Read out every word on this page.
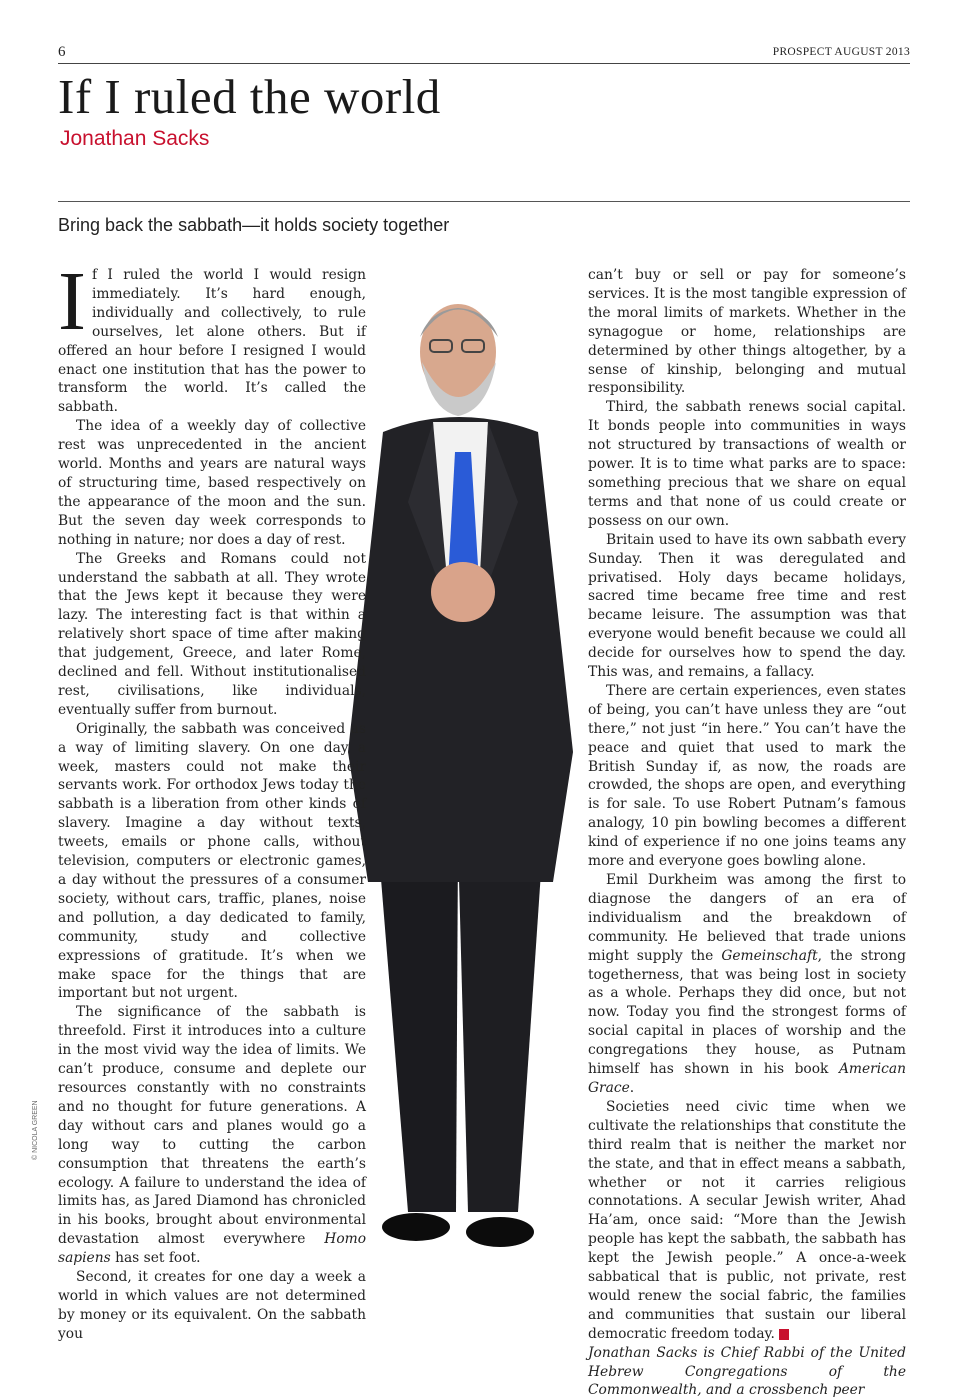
6	PROSPECT AUGUST 2013
If I ruled the world
Jonathan Sacks
Bring back the sabbath—it holds society together

I f I ruled the world I would resign immediately. It’s hard enough, individually and collectively, to rule ourselves, let alone others. But if offered an hour before I resigned I would enact one institution that has the power to transform the world. It’s called the sabbath.

The idea of a weekly day of collective rest was unprecedented in the ancient world. Months and years are natural ways of structuring time, based respectively on the appearance of the moon and the sun. But the seven day week corresponds to nothing in nature; nor does a day of rest.

The Greeks and Romans could not understand the sabbath at all. They wrote that the Jews kept it because they were lazy. The interesting fact is that within a relatively short space of time after making that judgement, Greece, and later Rome, declined and fell. Without institutionalised rest, civilisations, like individuals, eventually suffer from burnout.

Originally, the sabbath was conceived as a way of limiting slavery. On one day a week, masters could not make their servants work. For orthodox Jews today the sabbath is a liberation from other kinds of slavery. Imagine a day without texts, tweets, emails or phone calls, without television, computers or electronic games, a day without the pressures of a consumer society, without cars, traffic, planes, noise and pollution, a day dedicated to family, community, study and collective expressions of gratitude. It’s when we make space for the things that are important but not urgent.

The significance of the sabbath is threefold. First it introduces into a culture in the most vivid way the idea of limits. We can’t produce, consume and deplete our resources constantly with no constraints and no thought for future generations. A day without cars and planes would go a long way to cutting the carbon consumption that threatens the earth’s ecology. A failure to understand the idea of limits has, as Jared Diamond has chronicled in his books, brought about environmental devastation almost everywhere Homo sapiens has set foot.

Second, it creates for one day a week a world in which values are not determined by money or its equivalent. On the sabbath you

can’t buy or sell or pay for someone’s services. It is the most tangible expression of the moral limits of markets. Whether in the synagogue or home, relationships are determined by other things altogether, by a sense of kinship, belonging and mutual responsibility.

Third, the sabbath renews social capital. It bonds people into communities in ways not structured by transactions of wealth or power. It is to time what parks are to space: something precious that we share on equal terms and that none of us could create or possess on our own.

Britain used to have its own sabbath every Sunday. Then it was deregulated and privatised. Holy days became holidays, sacred time became free time and rest became leisure. The assumption was that everyone would benefit because we could all decide for ourselves how to spend the day. This was, and remains, a fallacy.

There are certain experiences, even states of being, you can’t have unless they are “out there,” not just “in here.” You can’t have the peace and quiet that used to mark the British Sunday if, as now, the roads are crowded, the shops are open, and everything is for sale. To use Robert Putnam’s famous analogy, 10 pin bowling becomes a different kind of experience if no one joins teams any more and everyone goes bowling alone.

Emil Durkheim was among the first to diagnose the dangers of an era of individualism and the breakdown of community. He believed that trade unions might supply the Gemeinschaft, the strong togetherness, that was being lost in society as a whole. Perhaps they did once, but not now. Today you find the strongest forms of social capital in places of worship and the congregations they house, as Putnam himself has shown in his book American Grace.

Societies need civic time when we cultivate the relationships that constitute the third realm that is neither the market nor the state, and that in effect means a sabbath, whether or not it carries religious connotations. A secular Jewish writer, Ahad Ha’am, once said: “More than the Jewish people has kept the sabbath, the sabbath has kept the Jewish people.” A once-a-week sabbatical that is public, not private, rest would renew the social fabric, the families and communities that sustain our liberal democratic freedom today. P

Jonathan Sacks is Chief Rabbi of the United Hebrew Congregations of the Commonwealth, and a crossbench peer

© NICOLA GREEN
